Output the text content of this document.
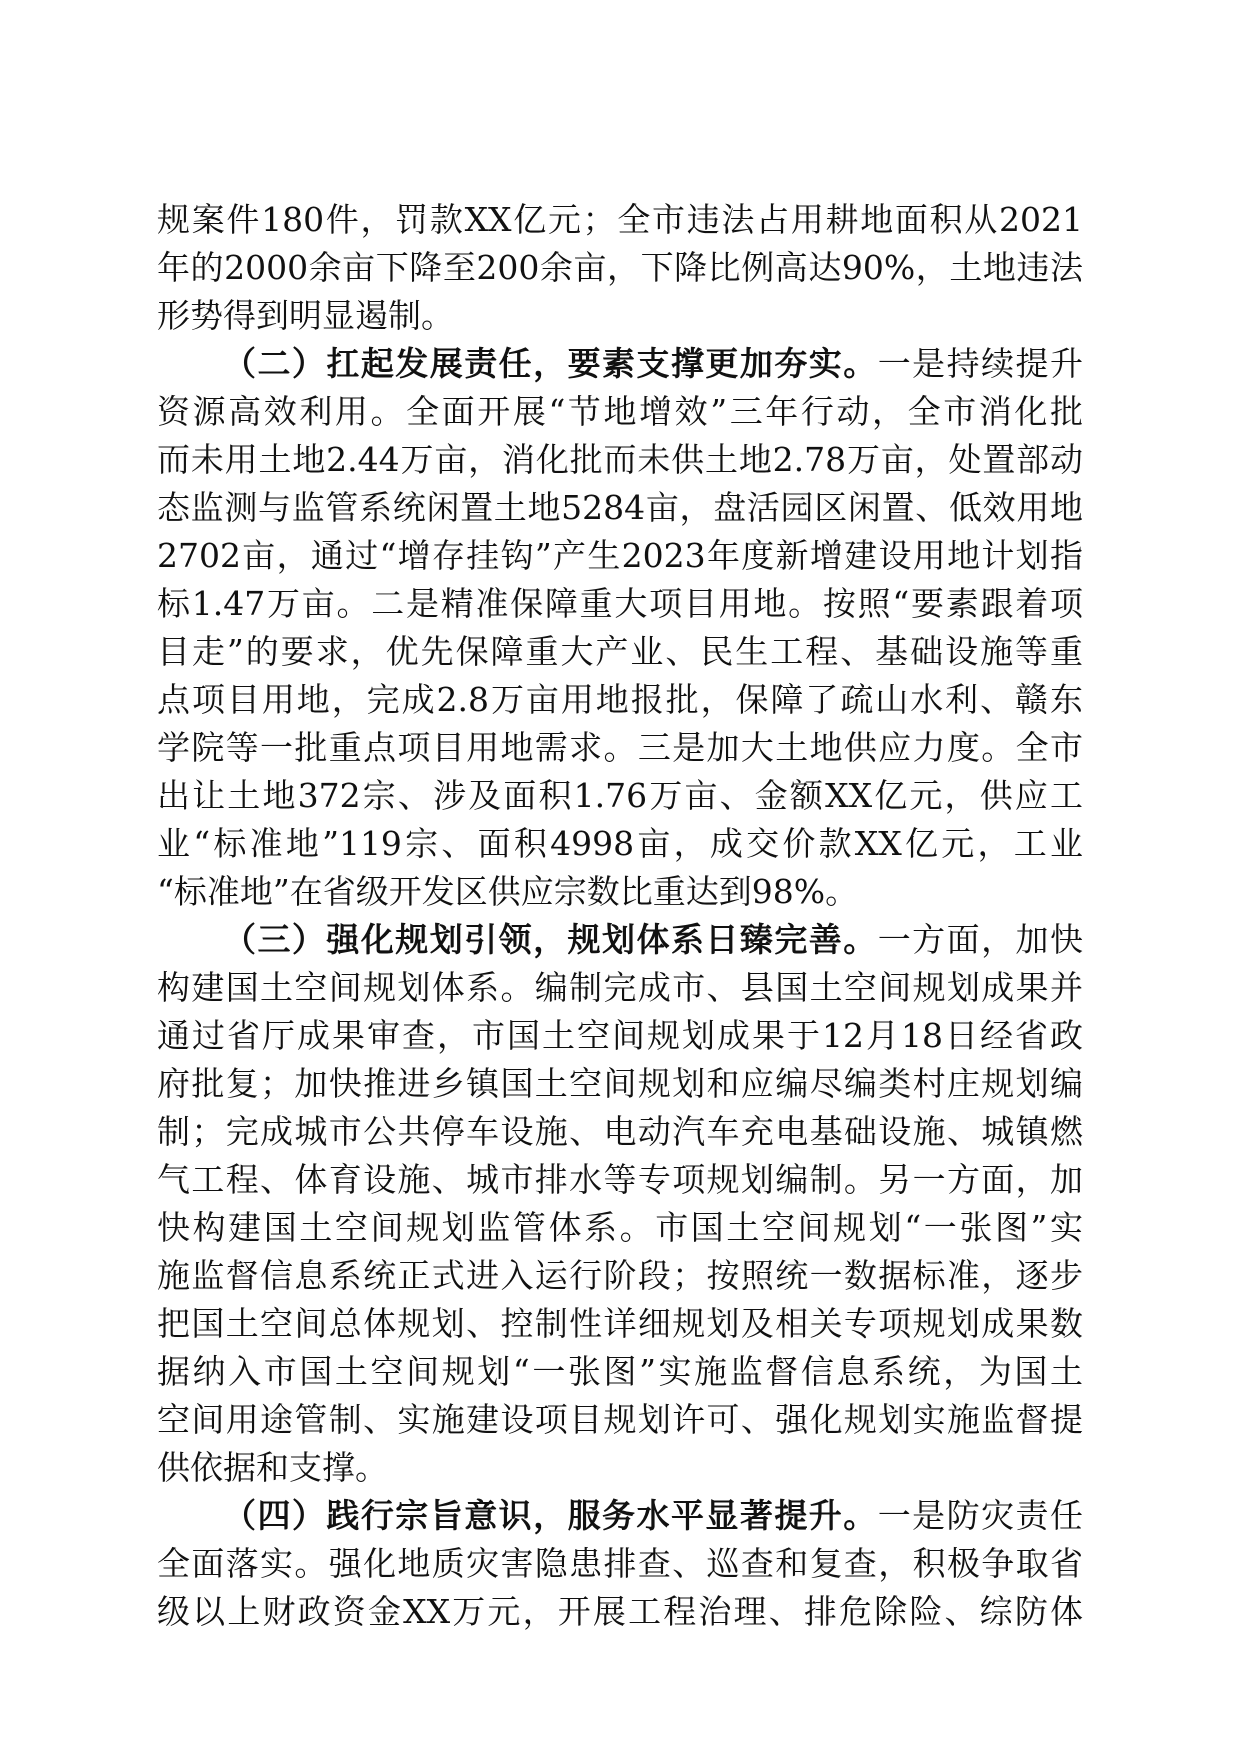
规案件180件，罚款XX亿元；全市违法占用耕地面积从2021
年的2000余亩下降至200余亩，下降比例高达90%，土地违法
形势得到明显遏制。
（二）扛起发展责任，要素支撑更加夯实。一是持续提升
资源高效利用。全面开展“节地增效”三年行动，全市消化批
而未用土地2.44万亩，消化批而未供土地2.78万亩，处置部动
态监测与监管系统闲置土地5284亩，盘活园区闲置、低效用地
2702亩，通过“增存挂钩”产生2023年度新增建设用地计划指
标1.47万亩。二是精准保障重大项目用地。按照“要素跟着项
目走”的要求，优先保障重大产业、民生工程、基础设施等重
点项目用地，完成2.8万亩用地报批，保障了疏山水利、赣东
学院等一批重点项目用地需求。三是加大土地供应力度。全市
出让土地372宗、涉及面积1.76万亩、金额XX亿元，供应工
业“标准地”119宗、面积4998亩，成交价款XX亿元，工业
“标准地”在省级开发区供应宗数比重达到98%。
（三）强化规划引领，规划体系日臻完善。一方面，加快
构建国土空间规划体系。编制完成市、县国土空间规划成果并
通过省厅成果审查，市国土空间规划成果于12月18日经省政
府批复；加快推进乡镇国土空间规划和应编尽编类村庄规划编
制；完成城市公共停车设施、电动汽车充电基础设施、城镇燃
气工程、体育设施、城市排水等专项规划编制。另一方面，加
快构建国土空间规划监管体系。市国土空间规划“一张图”实
施监督信息系统正式进入运行阶段；按照统一数据标准，逐步
把国土空间总体规划、控制性详细规划及相关专项规划成果数
据纳入市国土空间规划“一张图”实施监督信息系统，为国土
空间用途管制、实施建设项目规划许可、强化规划实施监督提
供依据和支撑。
（四）践行宗旨意识，服务水平显著提升。一是防灾责任
全面落实。强化地质灾害隐患排查、巡查和复查，积极争取省
级以上财政资金XX万元，开展工程治理、排危除险、综防体
